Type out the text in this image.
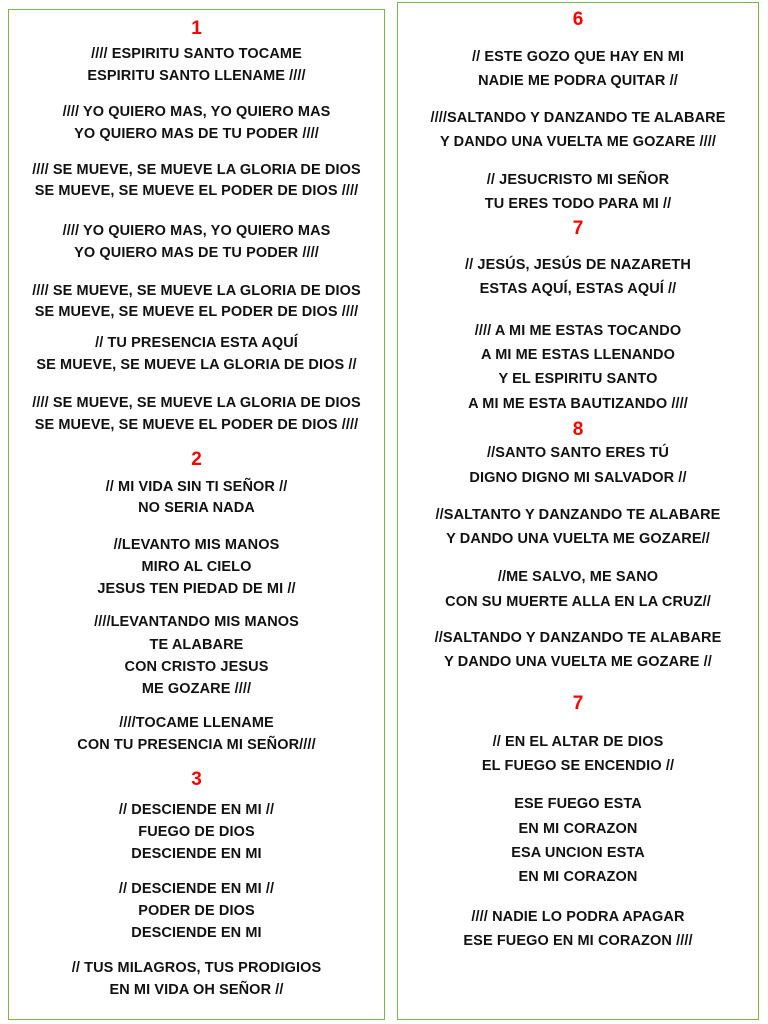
1
2
3
//// ESPIRITU SANTO TOCAME
ESPIRITU SANTO LLENAME ////
//// YO QUIERO MAS, YO QUIERO MAS
YO QUIERO MAS DE TU PODER ////
//// SE MUEVE, SE MUEVE LA GLORIA DE DIOS
SE MUEVE, SE MUEVE EL PODER DE DIOS ////
//// YO QUIERO MAS, YO QUIERO MAS
YO QUIERO MAS DE TU PODER ////
//// SE MUEVE, SE MUEVE LA GLORIA DE DIOS
SE MUEVE, SE MUEVE EL PODER DE DIOS ////
// TU PRESENCIA ESTA AQUÍ
SE MUEVE, SE MUEVE LA GLORIA DE DIOS //
//// SE MUEVE, SE MUEVE LA GLORIA DE DIOS
SE MUEVE, SE MUEVE EL PODER DE DIOS ////
// MI VIDA SIN TI SEÑOR //
NO SERIA NADA
//LEVANTO MIS MANOS
MIRO AL CIELO
JESUS TEN PIEDAD DE MI //
////LEVANTANDO MIS MANOS
TE ALABARE
CON CRISTO JESUS
ME GOZARE ////
////TOCAME LLENAME
CON TU PRESENCIA MI SEÑOR////
// DESCIENDE EN MI //
FUEGO DE DIOS
DESCIENDE EN MI
// DESCIENDE EN MI //
PODER DE DIOS
DESCIENDE EN MI
// TUS MILAGROS, TUS PRODIGIOS
EN MI VIDA OH SEÑOR //
6
7
8
7
// ESTE GOZO QUE HAY EN MI
NADIE ME PODRA QUITAR //
////SALTANDO Y DANZANDO TE ALABARE
Y DANDO UNA VUELTA ME GOZARE ////
// JESUCRISTO MI SEÑOR
TU ERES TODO PARA MI //
// JESÚS, JESÚS DE NAZARETH
ESTAS AQUÍ, ESTAS AQUÍ //
//// A MI ME ESTAS TOCANDO
A MI ME ESTAS LLENANDO
Y EL ESPIRITU SANTO
A MI ME ESTA BAUTIZANDO ////
//SANTO SANTO ERES TÚ
DIGNO DIGNO MI SALVADOR //
//SALTANTO Y DANZANDO TE ALABARE
Y DANDO UNA VUELTA ME GOZARE//
//ME SALVO, ME SANO
CON SU MUERTE ALLA EN LA CRUZ//
//SALTANDO Y DANZANDO TE ALABARE
Y DANDO UNA VUELTA ME GOZARE //
// EN EL ALTAR DE DIOS
EL FUEGO SE ENCENDIO //
ESE FUEGO ESTA
EN MI CORAZON
ESA UNCION ESTA
EN MI CORAZON
//// NADIE LO PODRA APAGAR
ESE FUEGO EN MI CORAZON ////
